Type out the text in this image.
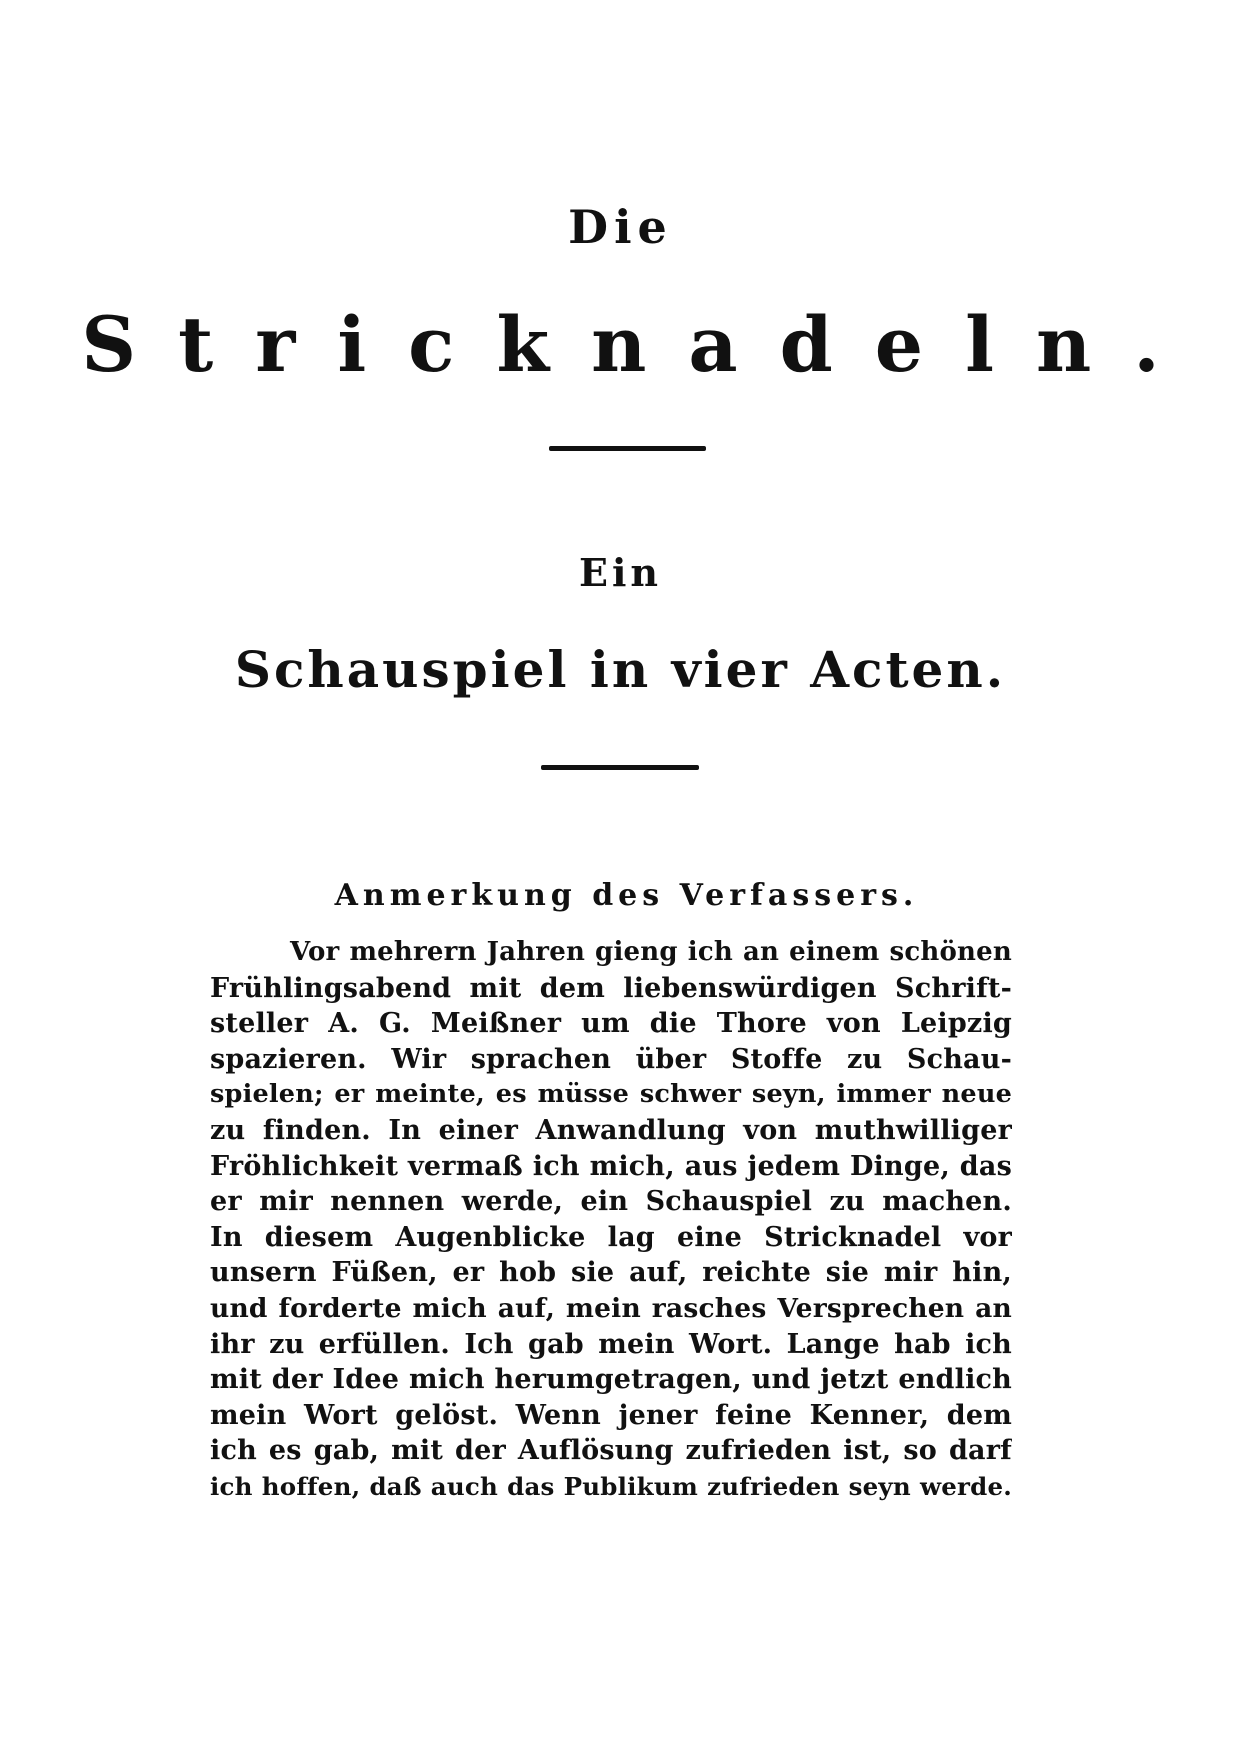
Die
Stricknadeln.
Ein
Schauspiel in vier Acten.
Anmerkung des Verfassers.
Vor mehrern Jahren gieng ich an einem schönen
Frühlingsabend mit dem liebenswürdigen Schrift-
steller A. G. Meißner um die Thore von Leipzig
spazieren. Wir sprachen über Stoffe zu Schau-
spielen; er meinte, es müsse schwer seyn, immer neue
zu finden. In einer Anwandlung von muthwilliger
Fröhlichkeit vermaß ich mich, aus jedem Dinge, das
er mir nennen werde, ein Schauspiel zu machen.
In diesem Augenblicke lag eine Stricknadel vor
unsern Füßen, er hob sie auf, reichte sie mir hin,
und forderte mich auf, mein rasches Versprechen an
ihr zu erfüllen. Ich gab mein Wort. Lange hab ich
mit der Idee mich herumgetragen, und jetzt endlich
mein Wort gelöst. Wenn jener feine Kenner, dem
ich es gab, mit der Auflösung zufrieden ist, so darf
ich hoffen, daß auch das Publikum zufrieden seyn werde.
